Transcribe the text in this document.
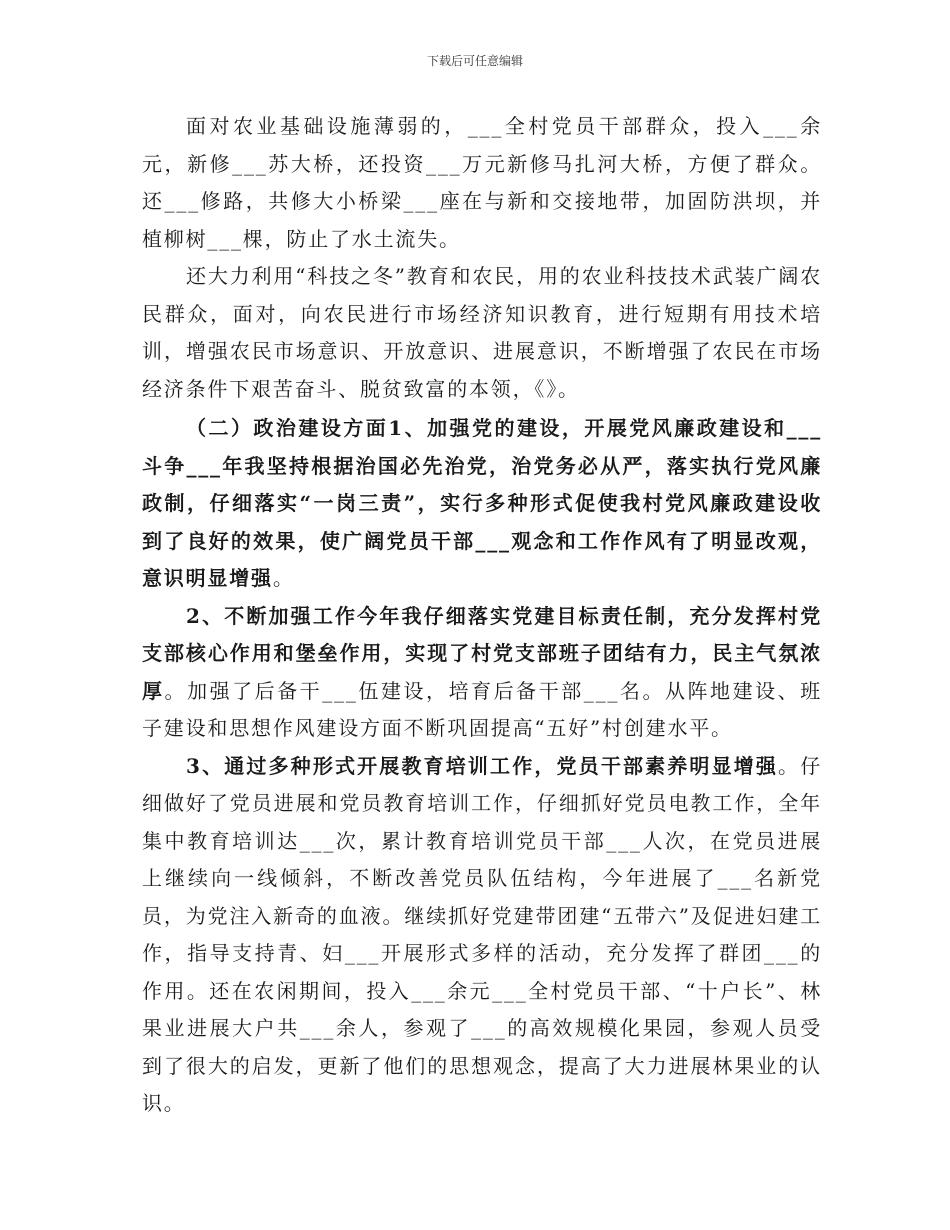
下载后可任意编辑

面对农业基础设施薄弱的，___全村党员干部群众，投入___余元，新修___苏大桥，还投资___万元新修马扎河大桥，方便了群众。还___修路，共修大小桥梁___座在与新和交接地带，加固防洪坝，并植柳树___棵，防止了水土流失。

还大力利用“科技之冬”教育和农民，用的农业科技技术武装广阔农民群众，面对，向农民进行市场经济知识教育，进行短期有用技术培训，增强农民市场意识、开放意识、进展意识，不断增强了农民在市场经济条件下艰苦奋斗、脱贫致富的本领，《》。

（二）政治建设方面1、加强党的建设，开展党风廉政建设和___斗争___年我坚持根据治国必先治党，治党务必从严，落实执行党风廉政制，仔细落实“一岗三责”，实行多种形式促使我村党风廉政建设收到了良好的效果，使广阔党员干部___观念和工作作风有了明显改观，意识明显增强。

2、不断加强工作今年我仔细落实党建目标责任制，充分发挥村党支部核心作用和堡垒作用，实现了村党支部班子团结有力，民主气氛浓厚。加强了后备干___伍建设，培育后备干部___名。从阵地建设、班子建设和思想作风建设方面不断巩固提高“五好”村创建水平。

3、通过多种形式开展教育培训工作，党员干部素养明显增强。仔细做好了党员进展和党员教育培训工作，仔细抓好党员电教工作，全年集中教育培训达___次，累计教育培训党员干部___人次，在党员进展上继续向一线倾斜，不断改善党员队伍结构，今年进展了___名新党员，为党注入新奇的血液。继续抓好党建带团建“五带六”及促进妇建工作，指导支持青、妇___开展形式多样的活动，充分发挥了群团___的作用。还在农闲期间，投入___余元___全村党员干部、“十户长”、林果业进展大户共___余人，参观了___的高效规模化果园，参观人员受到了很大的启发，更新了他们的思想观念，提高了大力进展林果业的认识。
